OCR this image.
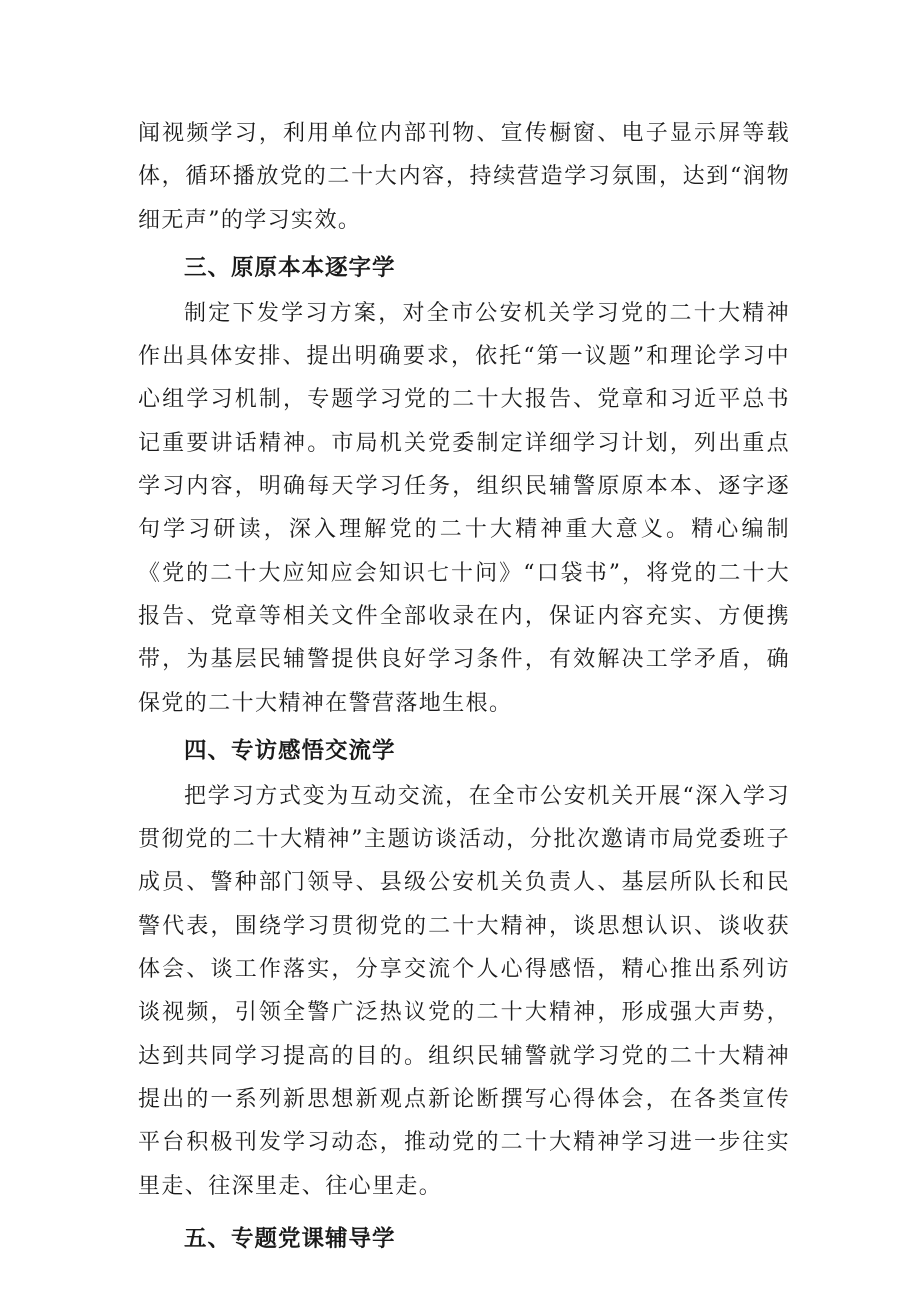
闻视频学习，利用单位内部刊物、宣传橱窗、电子显示屏等载体，循环播放党的二十大内容，持续营造学习氛围，达到“润物细无声”的学习实效。

三、原原本本逐字学

制定下发学习方案，对全市公安机关学习党的二十大精神作出具体安排、提出明确要求，依托“第一议题”和理论学习中心组学习机制，专题学习党的二十大报告、党章和习近平总书记重要讲话精神。市局机关党委制定详细学习计划，列出重点学习内容，明确每天学习任务，组织民辅警原原本本、逐字逐句学习研读，深入理解党的二十大精神重大意义。精心编制《党的二十大应知应会知识七十问》“口袋书”，将党的二十大报告、党章等相关文件全部收录在内，保证内容充实、方便携带，为基层民辅警提供良好学习条件，有效解决工学矛盾，确保党的二十大精神在警营落地生根。

四、专访感悟交流学

把学习方式变为互动交流，在全市公安机关开展“深入学习贯彻党的二十大精神”主题访谈活动，分批次邀请市局党委班子成员、警种部门领导、县级公安机关负责人、基层所队长和民警代表，围绕学习贯彻党的二十大精神，谈思想认识、谈收获体会、谈工作落实，分享交流个人心得感悟，精心推出系列访谈视频，引领全警广泛热议党的二十大精神，形成强大声势，达到共同学习提高的目的。组织民辅警就学习党的二十大精神提出的一系列新思想新观点新论断撰写心得体会，在各类宣传平台积极刊发学习动态，推动党的二十大精神学习进一步往实里走、往深里走、往心里走。

五、专题党课辅导学
